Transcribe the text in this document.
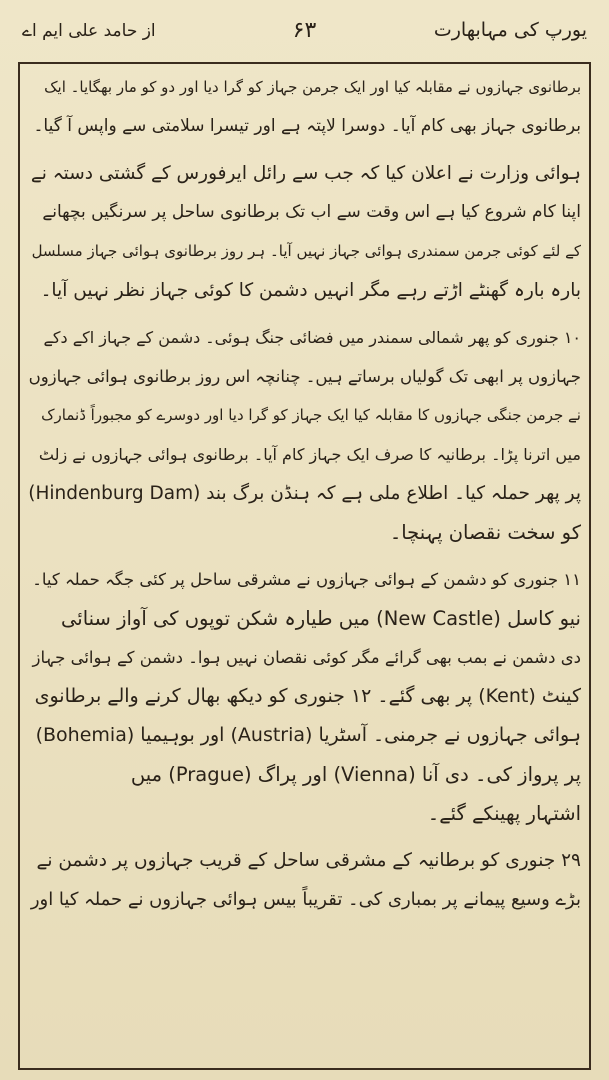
از حامد علی ایم اے	۶۳	یورپ کی مہابھارت
برطانوی جہازوں نے مقابلہ کیا اور ایک جرمن جہاز کو گرا دیا اور دو کو مار بھگایا۔ ایک
برطانوی جہاز بھی کام آیا۔ دوسرا لاپتہ ہے اور تیسرا سلامتی سے واپس آ گیا۔
ہوائی وزارت نے اعلان کیا کہ جب سے رائل ایرفورس کے گشتی دستہ نے
اپنا کام شروع کیا ہے اس وقت سے اب تک برطانوی ساحل پر سرنگیں بچھانے
کے لئے کوئی جرمن سمندری ہوائی جہاز نہیں آیا۔ ہر روز برطانوی ہوائی جہاز مسلسل
بارہ بارہ گھنٹے اڑتے رہے مگر انہیں دشمن کا کوئی جہاز نظر نہیں آیا۔
۱۰ جنوری کو پھر شمالی سمندر میں فضائی جنگ ہوئی۔ دشمن کے جہاز اکے دکے
جہازوں پر ابھی تک گولیاں برساتے ہیں۔ چنانچہ اس روز برطانوی ہوائی جہازوں
نے جرمن جنگی جہازوں کا مقابلہ کیا ایک جہاز کو گرا دیا اور دوسرے کو مجبوراً ڈنمارک
میں اترنا پڑا۔ برطانیہ کا صرف ایک جہاز کام آیا۔ برطانوی ہوائی جہازوں نے زلٹ
پر پھر حملہ کیا۔ اطلاع ملی ہے کہ ہنڈن برگ بند (Hindenburg Dam)
کو سخت نقصان پہنچا۔
۱۱ جنوری کو دشمن کے ہوائی جہازوں نے مشرقی ساحل پر کئی جگہ حملہ کیا۔
نیو کاسل (New Castle) میں طیارہ شکن توپوں کی آواز سنائی
دی دشمن نے بمب بھی گرائے مگر کوئی نقصان نہیں ہوا۔ دشمن کے ہوائی جہاز
کینٹ (Kent) پر بھی گئے۔ ۱۲ جنوری کو دیکھ بھال کرنے والے برطانوی
ہوائی جہازوں نے جرمنی۔ آسٹریا (Austria) اور بوہیمیا (Bohemia)
پر پرواز کی۔ دی آنا (Vienna) اور پراگ (Prague) میں
اشتہار پھینکے گئے۔
۲۹ جنوری کو برطانیہ کے مشرقی ساحل کے قریب جہازوں پر دشمن نے
بڑے وسیع پیمانے پر بمباری کی۔ تقریباً بیس ہوائی جہازوں نے حملہ کیا اور
